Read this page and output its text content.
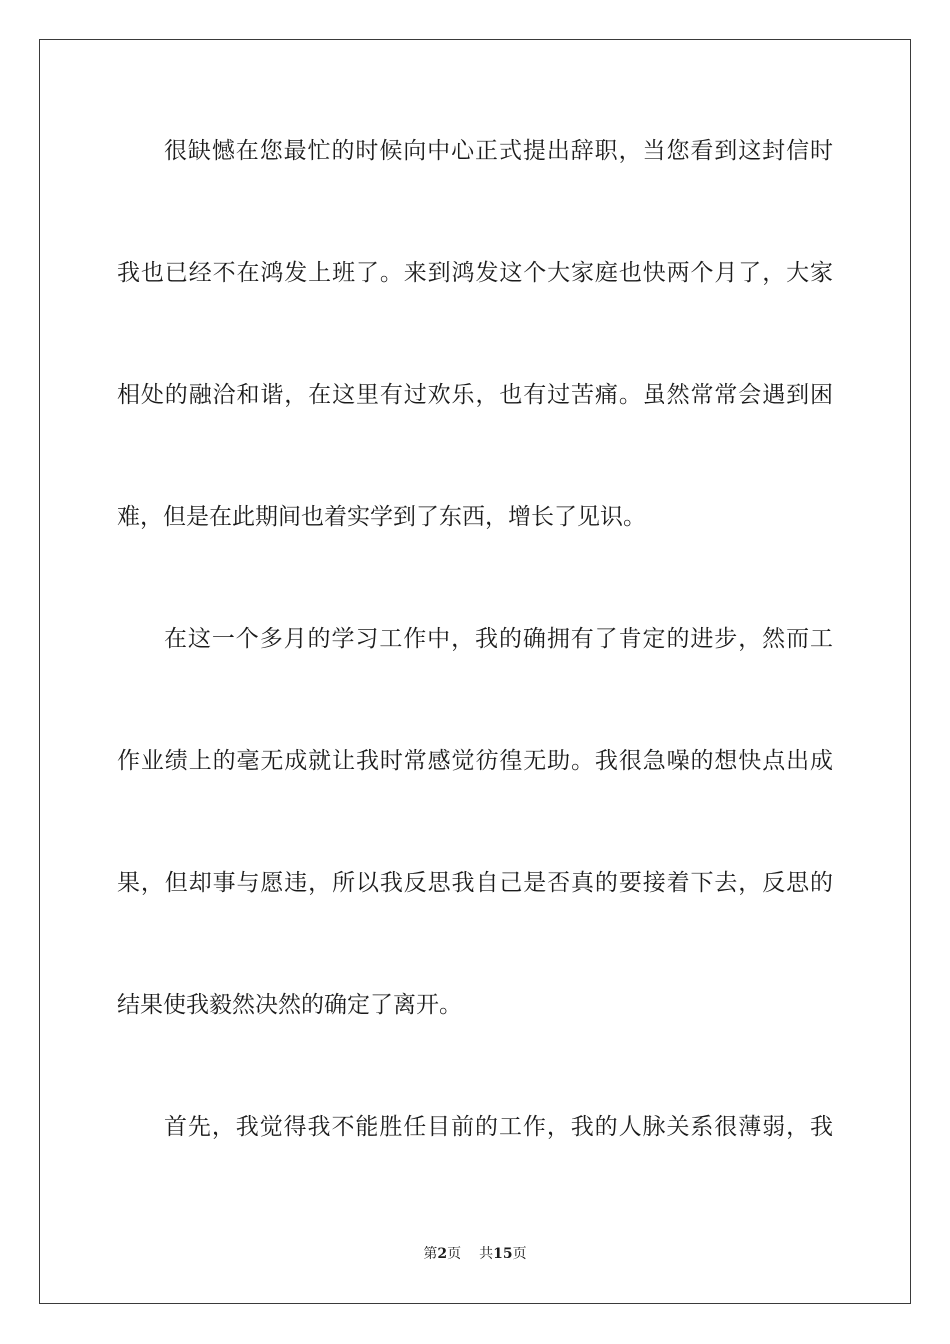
很缺憾在您最忙的时候向中心正式提出辞职，当您看到这封信时
我也已经不在鸿发上班了。来到鸿发这个大家庭也快两个月了，大家
相处的融洽和谐，在这里有过欢乐，也有过苦痛。虽然常常会遇到困
难，但是在此期间也着实学到了东西，增长了见识。
在这一个多月的学习工作中，我的确拥有了肯定的进步，然而工
作业绩上的毫无成就让我时常感觉彷徨无助。我很急噪的想快点出成
果，但却事与愿违，所以我反思我自己是否真的要接着下去，反思的
结果使我毅然决然的确定了离开。
首先，我觉得我不能胜任目前的工作，我的人脉关系很薄弱，我
第2页 共15页
